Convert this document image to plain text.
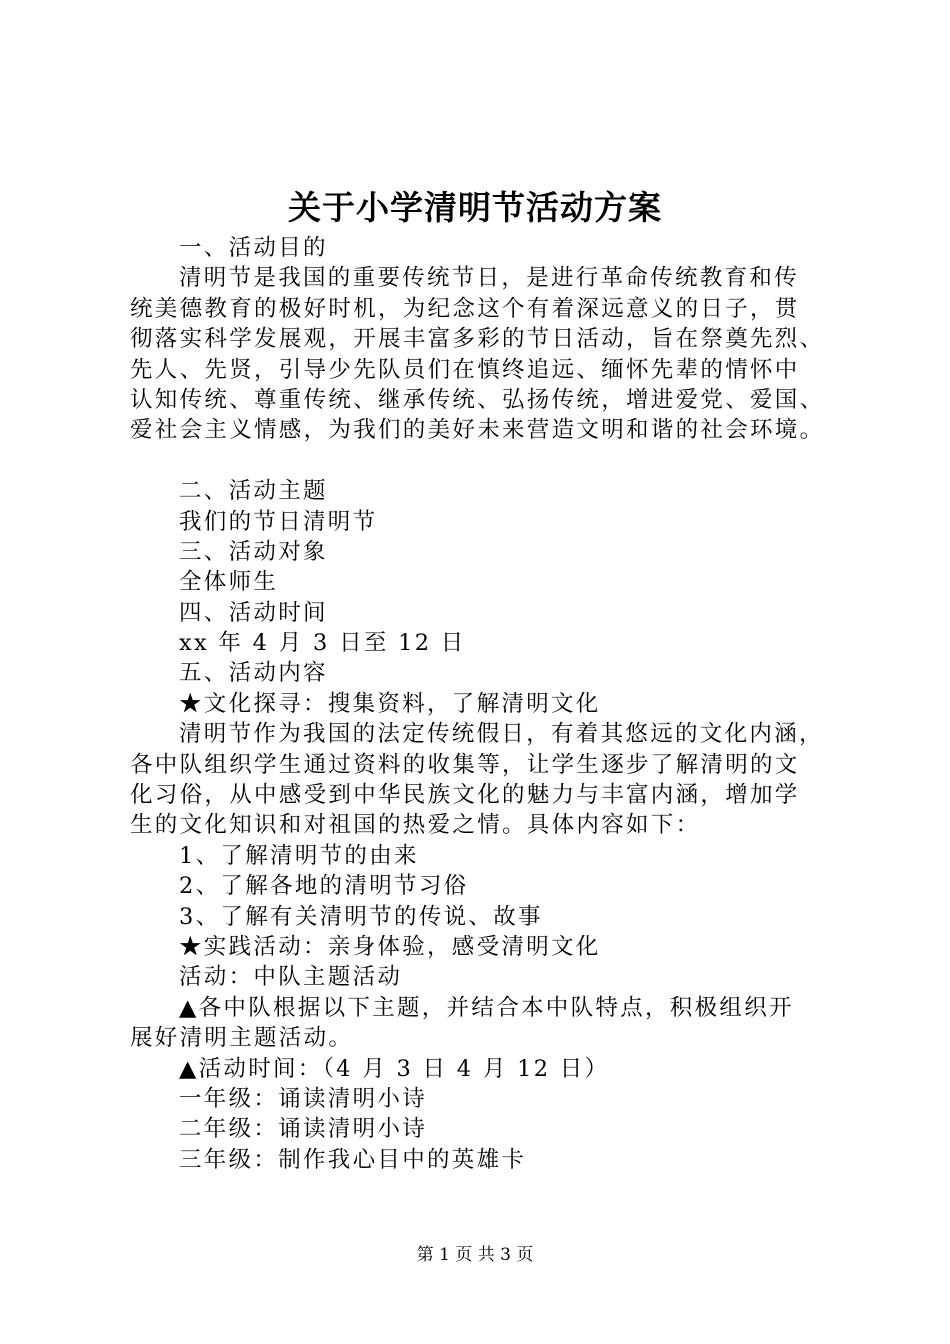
关于小学清明节活动方案
一、活动目的
清明节是我国的重要传统节日，是进行革命传统教育和传
统美德教育的极好时机，为纪念这个有着深远意义的日子，贯
彻落实科学发展观，开展丰富多彩的节日活动，旨在祭奠先烈、
先人、先贤，引导少先队员们在慎终追远、缅怀先辈的情怀中
认知传统、尊重传统、继承传统、弘扬传统，增进爱党、爱国、
爱社会主义情感，为我们的美好未来营造文明和谐的社会环境。
二、活动主题
我们的节日清明节
三、活动对象
全体师生
四、活动时间
xx 年 4 月 3 日至 12 日
五、活动内容
★文化探寻：搜集资料，了解清明文化
清明节作为我国的法定传统假日，有着其悠远的文化内涵，
各中队组织学生通过资料的收集等，让学生逐步了解清明的文
化习俗，从中感受到中华民族文化的魅力与丰富内涵，增加学
生的文化知识和对祖国的热爱之情。具体内容如下：
1、了解清明节的由来
2、了解各地的清明节习俗
3、了解有关清明节的传说、故事
★实践活动：亲身体验，感受清明文化
活动：中队主题活动
▲各中队根据以下主题，并结合本中队特点，积极组织开
展好清明主题活动。
▲活动时间：（4 月 3 日 4 月 12 日）
一年级：诵读清明小诗
二年级：诵读清明小诗
三年级：制作我心目中的英雄卡
第 1 页 共 3 页
